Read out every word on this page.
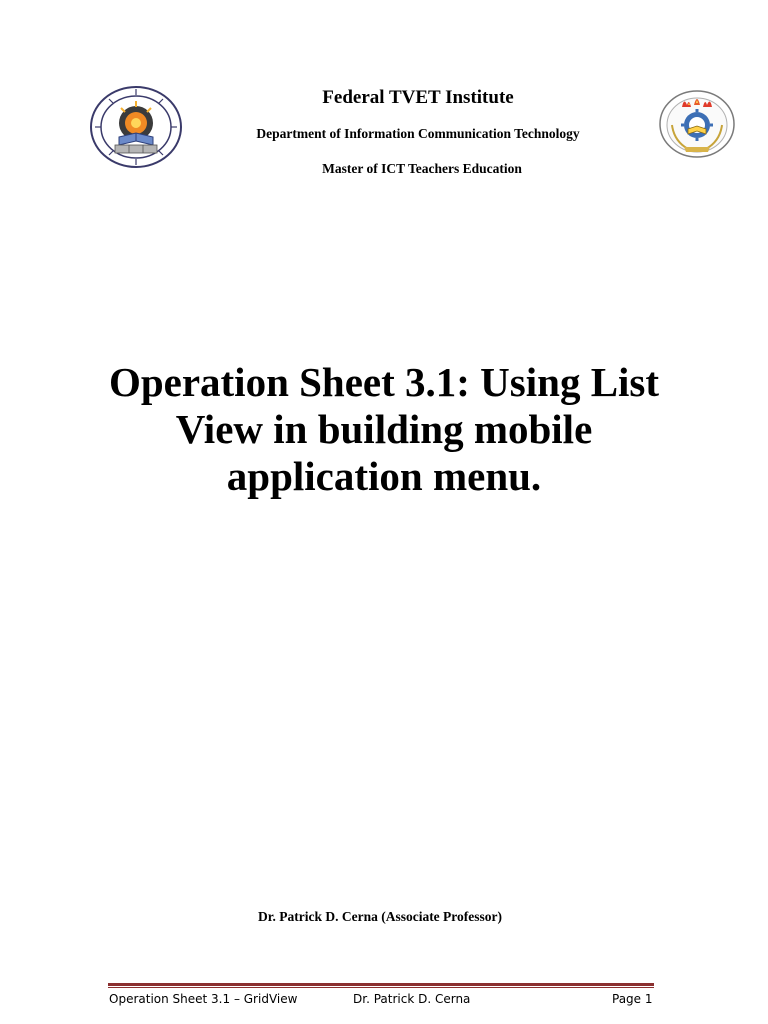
Federal TVET Institute
Department of Information Communication Technology
Master of ICT Teachers Education
Operation Sheet 3.1: Using List View in building mobile application menu.
Dr. Patrick D. Cerna (Associate Professor)
Operation Sheet 3.1 – GridView	Dr. Patrick D. Cerna	Page 1
